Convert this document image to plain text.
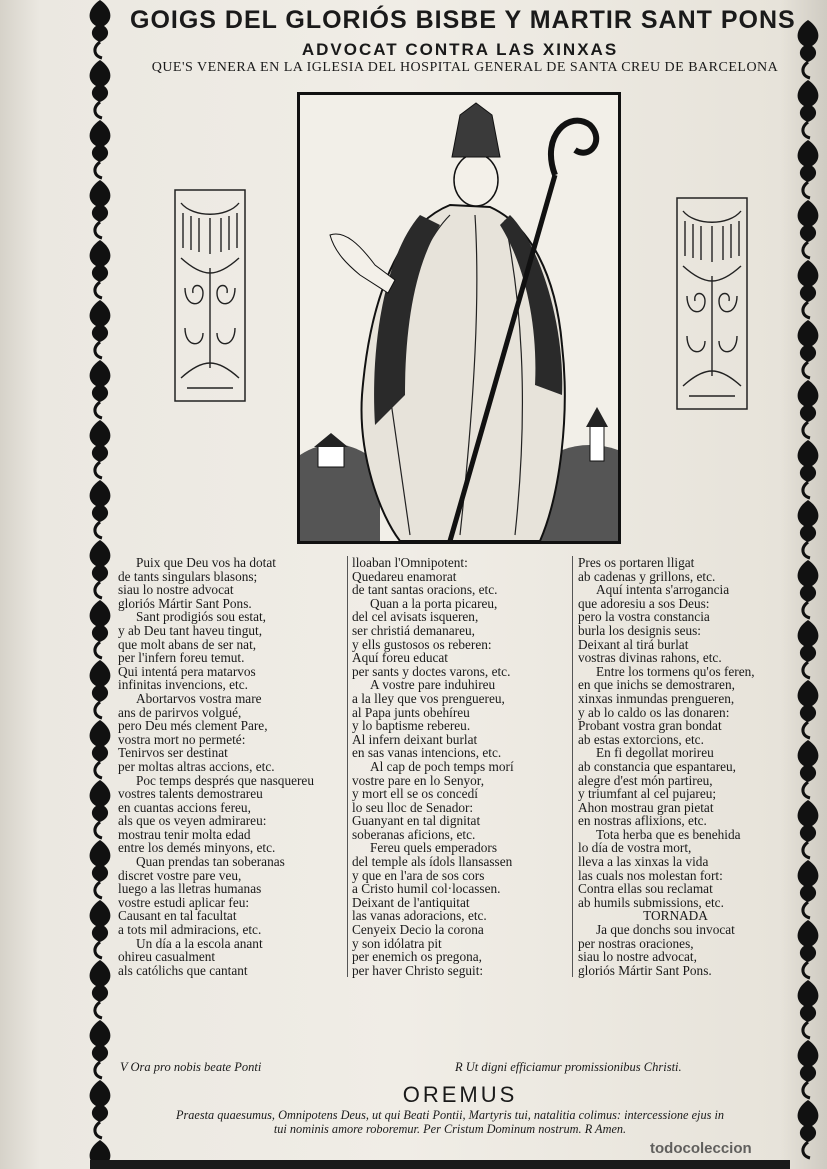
GOIGS DEL GLORIÓS BISBE Y MARTIR SANT PONS
ADVOCAT CONTRA LAS XINXAS
QUE'S VENERA EN LA IGLESIA DEL HOSPITAL GENERAL DE SANTA CREU DE BARCELONA
Puix que Deu vos ha dotat
de tants singulars blasons;
siau lo nostre advocat
gloriós Mártir Sant Pons.
Sant prodigiós sou estat,
y ab Deu tant haveu tingut,
que molt abans de ser nat,
per l'infern foreu temut.
Qui intentá pera matarvos
infinitas invencions, etc.
Abortarvos vostra mare
ans de parirvos volgué,
pero Deu més clement Pare,
vostra mort no permeté:
Tenirvos ser destinat
per moltas altras accions, etc.
Poc temps després que nasquereu
vostres talents demostrareu
en cuantas accions fereu,
als que os veyen admirareu:
mostrau tenir molta edad
entre los demés minyons, etc.
Quan prendas tan soberanas
discret vostre pare veu,
luego a las lletras humanas
vostre estudi aplicar feu:
Causant en tal facultat
a tots mil admiracions, etc.
Un día a la escola anant
ohireu casualment
als católichs que cantant
lloaban l'Omnipotent:
Quedareu enamorat
de tant santas oracions, etc.
Quan a la porta picareu,
del cel avisats isqueren,
ser christiá demanareu,
y ells gustosos os reberen:
Aquí foreu educat
per sants y doctes varons, etc.
A vostre pare induhireu
a la lley que vos prenguereu,
al Papa junts obehíreu
y lo baptisme rebereu.
Al infern deixant burlat
en sas vanas intencions, etc.
Al cap de poch temps morí
vostre pare en lo Senyor,
y mort ell se os concedí
lo seu lloc de Senador:
Guanyant en tal dignitat
soberanas aficions, etc.
Fereu quels emperadors
del temple als ídols llansassen
y que en l'ara de sos cors
a Cristo humil col·locassen.
Deixant de l'antiquitat
las vanas adoracions, etc.
Cenyeix Decio la corona
y son idólatra pit
per enemich os pregona,
per haver Christo seguit:
Pres os portaren lligat
ab cadenas y grillons, etc.
Aquí intenta s'arrogancia
que adoresiu a sos Deus:
pero la vostra constancia
burla los designis seus:
Deixant al tirá burlat
vostras divinas rahons, etc.
Entre los tormens qu'os feren,
en que inichs se demostraren,
xinxas inmundas prengueren,
y ab lo caldo os las donaren:
Probant vostra gran bondat
ab estas extorcions, etc.
En fi degollat morireu
ab constancia que espantareu,
alegre d'est món partireu,
y triumfant al cel pujareu;
Ahon mostrau gran pietat
en nostras aflixions, etc.
Tota herba que es benehida
lo día de vostra mort,
lleva a las xinxas la vida
las cuals nos molestan fort:
Contra ellas sou reclamat
ab humils submissions, etc.
TORNADA
Ja que donchs sou invocat
per nostras oraciones,
siau lo nostre advocat,
gloriós Mártir Sant Pons.
V Ora pro nobis beate Ponti	R Ut digni efficiamur promissionibus Christi.
OREMUS
Praesta quaesumus, Omnipotens Deus, ut qui Beati Pontii, Martyris tui, natalitia colimus: intercessione ejus in
tui nominis amore roboremur. Per Cristum Dominum nostrum. R Amen.
todocoleccion
